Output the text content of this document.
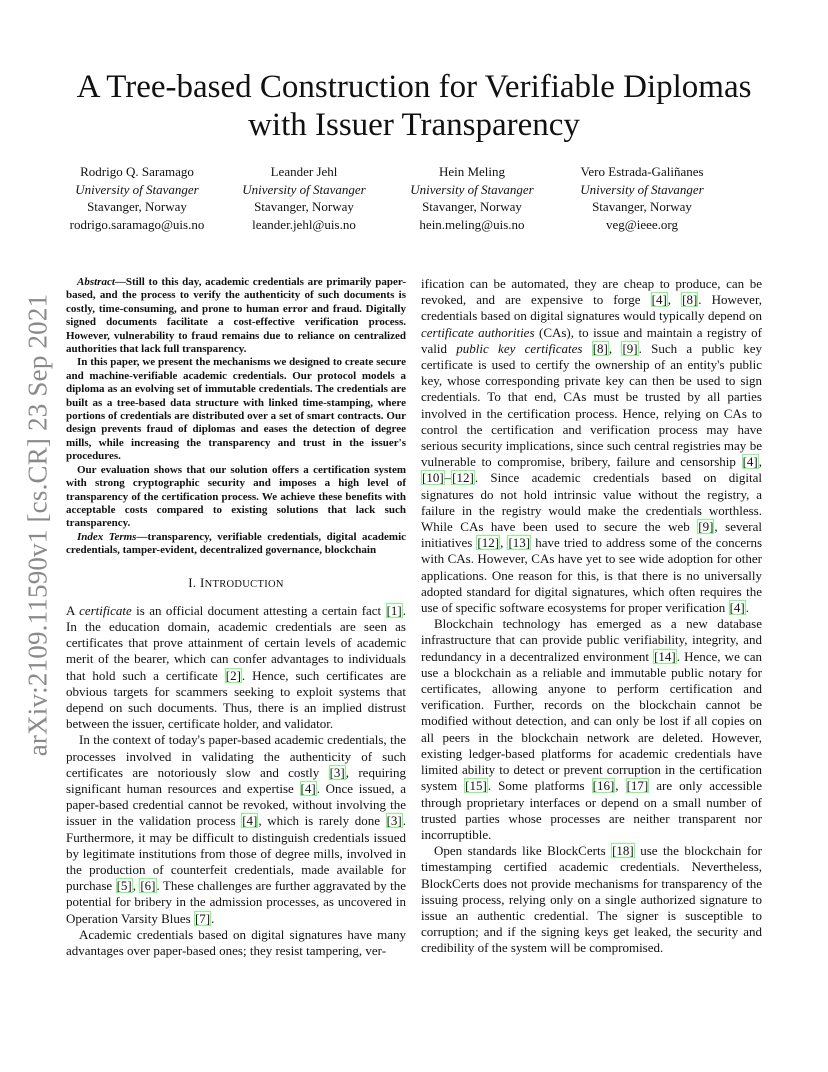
arXiv:2109.11590v1 [cs.CR] 23 Sep 2021
A Tree-based Construction for Verifiable Diplomas
with Issuer Transparency
Rodrigo Q. Saramago
University of Stavanger
Stavanger, Norway
rodrigo.saramago@uis.no
Leander Jehl
University of Stavanger
Stavanger, Norway
leander.jehl@uis.no
Hein Meling
University of Stavanger
Stavanger, Norway
hein.meling@uis.no
Vero Estrada-Galiñanes
University of Stavanger
Stavanger, Norway
veg@ieee.org

Abstract—Still to this day, academic credentials are primarily paper-based, and the process to verify the authenticity of such documents is costly, time-consuming, and prone to human error and fraud. Digitally signed documents facilitate a cost-effective verification process. However, vulnerability to fraud remains due to reliance on centralized authorities that lack full transparency.

In this paper, we present the mechanisms we designed to create secure and machine-verifiable academic credentials. Our protocol models a diploma as an evolving set of immutable credentials. The credentials are built as a tree-based data structure with linked time-stamping, where portions of credentials are distributed over a set of smart contracts. Our design prevents fraud of diplomas and eases the detection of degree mills, while increasing the transparency and trust in the issuer's procedures.

Our evaluation shows that our solution offers a certification system with strong cryptographic security and imposes a high level of transparency of the certification process. We achieve these benefits with acceptable costs compared to existing solutions that lack such transparency.

Index Terms—transparency, verifiable credentials, digital academic credentials, tamper-evident, decentralized governance, blockchain
I. INTRODUCTION

A certificate is an official document attesting a certain fact [1]. In the education domain, academic credentials are seen as certificates that prove attainment of certain levels of academic merit of the bearer, which can confer advantages to individuals that hold such a certificate [2]. Hence, such certificates are obvious targets for scammers seeking to exploit systems that depend on such documents. Thus, there is an implied distrust between the issuer, certificate holder, and validator.

In the context of today's paper-based academic credentials, the processes involved in validating the authenticity of such certificates are notoriously slow and costly [3], requiring significant human resources and expertise [4]. Once issued, a paper-based credential cannot be revoked, without involving the issuer in the validation process [4], which is rarely done [3]. Furthermore, it may be difficult to distinguish credentials issued by legitimate institutions from those of degree mills, involved in the production of counterfeit credentials, made available for purchase [5], [6]. These challenges are further aggravated by the potential for bribery in the admission processes, as uncovered in Operation Varsity Blues [7].

Academic credentials based on digital signatures have many advantages over paper-based ones; they resist tampering, ver-

ification can be automated, they are cheap to produce, can be revoked, and are expensive to forge [4], [8]. However, credentials based on digital signatures would typically depend on certificate authorities (CAs), to issue and maintain a registry of valid public key certificates [8], [9]. Such a public key certificate is used to certify the ownership of an entity's public key, whose corresponding private key can then be used to sign credentials. To that end, CAs must be trusted by all parties involved in the certification process. Hence, relying on CAs to control the certification and verification process may have serious security implications, since such central registries may be vulnerable to compromise, bribery, failure and censorship [4], [10]–[12]. Since academic credentials based on digital signatures do not hold intrinsic value without the registry, a failure in the registry would make the credentials worthless. While CAs have been used to secure the web [9], several initiatives [12], [13] have tried to address some of the concerns with CAs. However, CAs have yet to see wide adoption for other applications. One reason for this, is that there is no universally adopted standard for digital signatures, which often requires the use of specific software ecosystems for proper verification [4].

Blockchain technology has emerged as a new database infrastructure that can provide public verifiability, integrity, and redundancy in a decentralized environment [14]. Hence, we can use a blockchain as a reliable and immutable public notary for certificates, allowing anyone to perform certification and verification. Further, records on the blockchain cannot be modified without detection, and can only be lost if all copies on all peers in the blockchain network are deleted. However, existing ledger-based platforms for academic credentials have limited ability to detect or prevent corruption in the certification system [15]. Some platforms [16], [17] are only accessible through proprietary interfaces or depend on a small number of trusted parties whose processes are neither transparent nor incorruptible.

Open standards like BlockCerts [18] use the blockchain for timestamping certified academic credentials. Nevertheless, BlockCerts does not provide mechanisms for transparency of the issuing process, relying only on a single authorized signature to issue an authentic credential. The signer is susceptible to corruption; and if the signing keys get leaked, the security and credibility of the system will be compromised.
